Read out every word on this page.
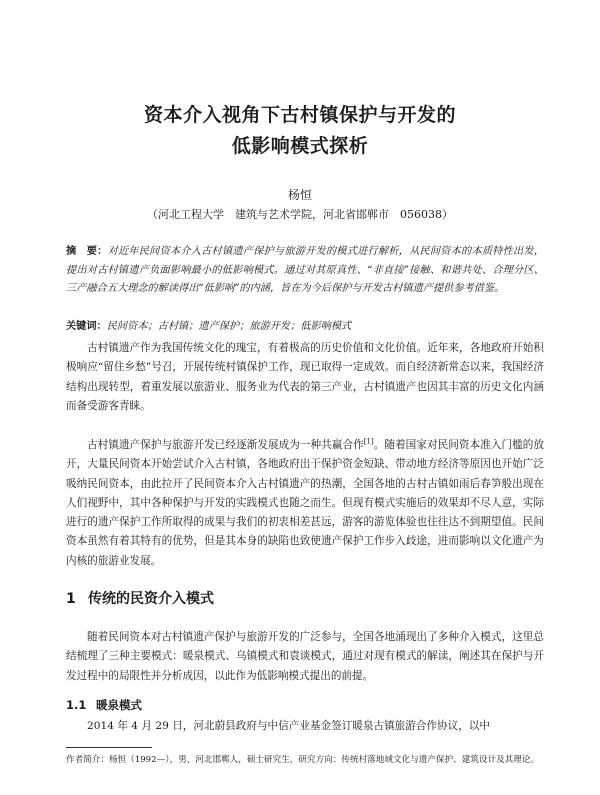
资本介入视角下古村镇保护与开发的
低影响模式探析
杨恒
（河北工程大学　建筑与艺术学院，河北省邯郸市　056038）
摘　要：对近年民间资本介入古村镇遗产保护与旅游开发的模式进行解析，从民间资本的本质特性出发，提出对古村镇遗产负面影响最小的低影响模式。通过对其原真性、“非直接”接触、和谐共处、合理分区、三产融合五大理念的解读得出“低影响”的内涵，旨在为今后保护与开发古村镇遗产提供参考借鉴。
关键词：民间资本；古村镇；遗产保护；旅游开发；低影响模式
古村镇遗产作为我国传统文化的瑰宝，有着极高的历史价值和文化价值。近年来，各地政府开始积极响应“留住乡愁”号召，开展传统村镇保护工作，现已取得一定成效。而自经济新常态以来，我国经济结构出现转型，着重发展以旅游业、服务业为代表的第三产业，古村镇遗产也因其丰富的历史文化内涵而备受游客青睐。
古村镇遗产保护与旅游开发已经逐渐发展成为一种共赢合作[1]。随着国家对民间资本准入门槛的放开，大量民间资本开始尝试介入古村镇，各地政府出于保护资金短缺、带动地方经济等原因也开始广泛吸纳民间资本，由此拉开了民间资本介入古村镇遗产的热潮，全国各地的古村古镇如雨后春笋般出现在人们视野中，其中各种保护与开发的实践模式也随之而生。但现有模式实施后的效果却不尽人意，实际进行的遗产保护工作所取得的成果与我们的初衷相差甚远，游客的游览体验也往往达不到期望值。民间资本虽然有着其特有的优势，但是其本身的缺陷也致使遗产保护工作步入歧途，进而影响以文化遗产为内核的旅游业发展。
1 传统的民资介入模式
随着民间资本对古村镇遗产保护与旅游开发的广泛参与，全国各地涌现出了多种介入模式，这里总结梳理了三种主要模式：暖泉模式、乌镇模式和袁谈模式，通过对现有模式的解读，阐述其在保护与开发过程中的局限性并分析成因，以此作为低影响模式提出的前提。
1.1 暖泉模式
2014 年 4 月 29 日，河北蔚县政府与中信产业基金签订暖泉古镇旅游合作协议，以中
作者简介：杨恒（1992—），男，河北邯郸人，硕士研究生，研究方向：传统村落地域文化与遗产保护、建筑设计及其理论。
